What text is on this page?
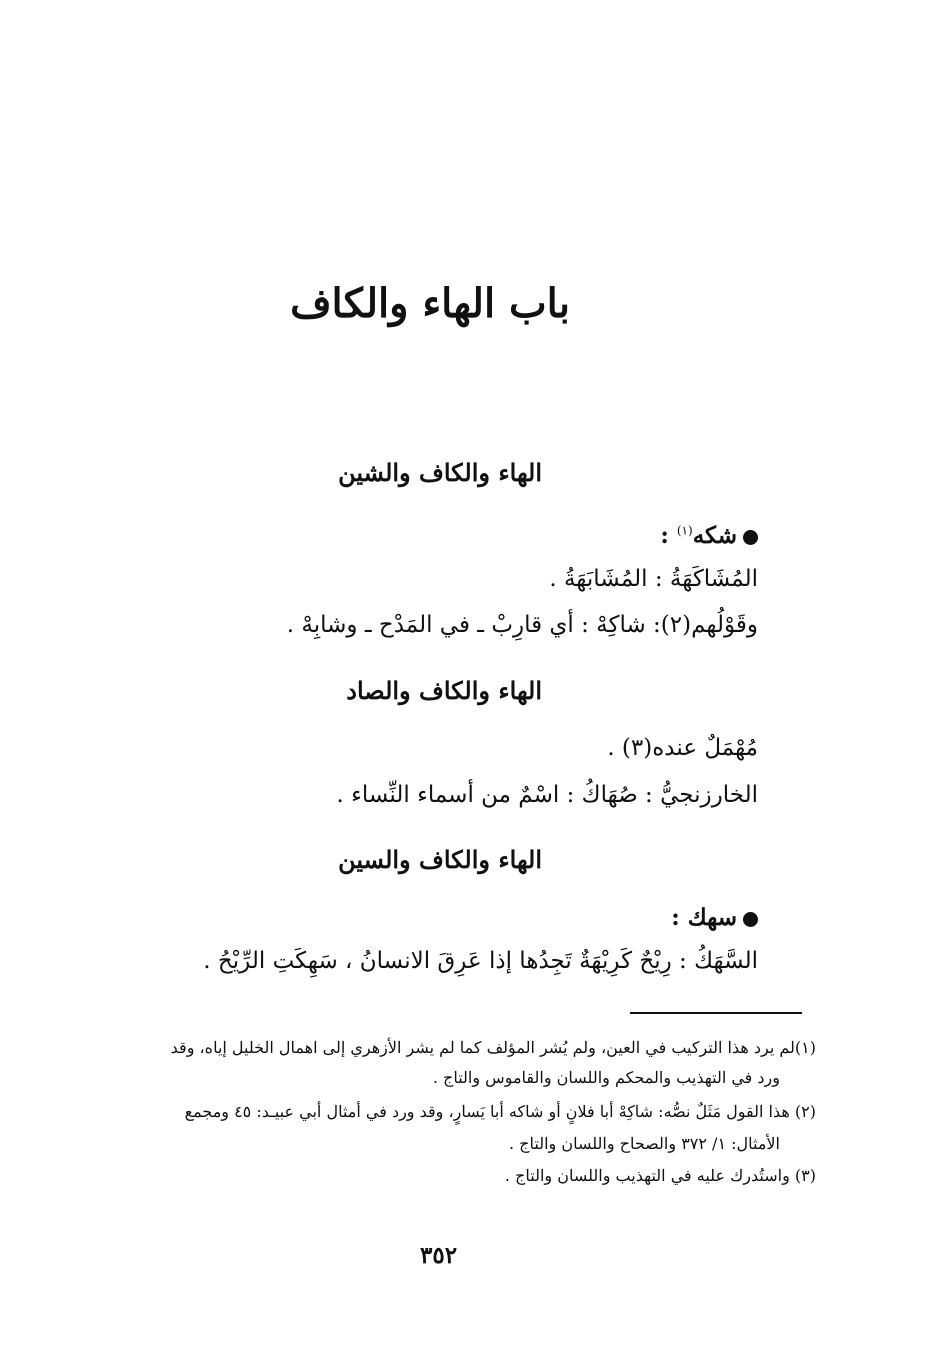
باب الهاء والكاف
الهاء والكاف والشين
شكه$^{(١)}$ :
المُشَاكَهَةُ : المُشَابَهَةُ .
وقَوْلُهم(٢): شاكِهْ : أي قارِبْ ـ في المَدْح ـ وشابِهْ .
الهاء والكاف والصاد
مُهْمَلٌ عنده(٣) .
الخارزنجيُّ : صُهَاكُ : اسْمٌ من أسماء النِّساء .
الهاء والكاف والسين
سهك :
السَّهَكُ : رِيْحٌ كَرِيْهَةٌ تَجِدُها إذا عَرِقَ الانسانُ ، سَهِكَتِ الرِّيْحُ .
(١)لم يرد هذا التركيب في العين، ولم يُشر المؤلف كما لم يشر الأزهري إلى اهمال الخليل إياه، وقد
ورد في التهذيب والمحكم واللسان والقاموس والتاج .
(٢) هذا القول مَثَلٌ نصُّه: شاكِهْ أبا فلانٍ أو شاكه أبا يَسارٍ، وقد ورد في أمثال أبي عبيـد: ٤٥ ومجمع
الأمثال: ١/ ٣٧٢ والصحاح واللسان والتاج .
(٣) واستُدرك عليه في التهذيب واللسان والتاج .
٣٥٢
